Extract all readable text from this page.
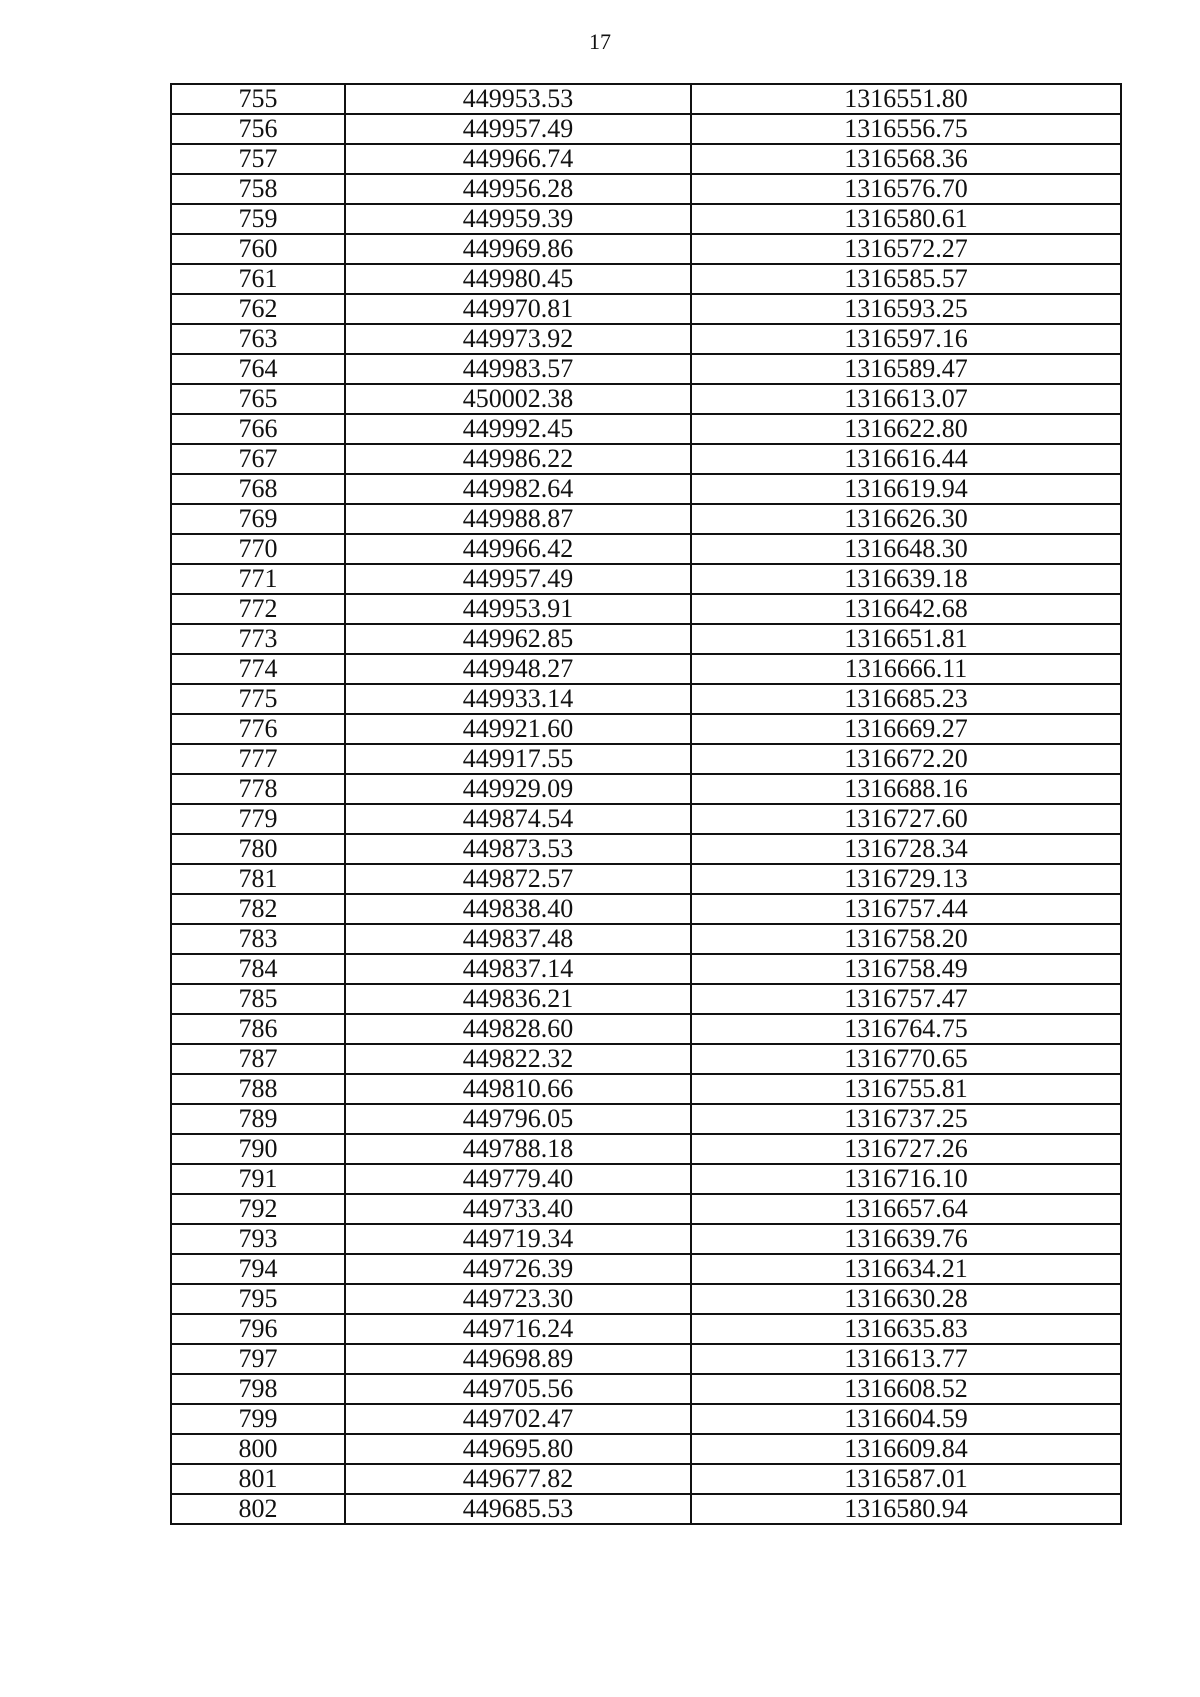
17
755	449953.53	1316551.80
756	449957.49	1316556.75
757	449966.74	1316568.36
758	449956.28	1316576.70
759	449959.39	1316580.61
760	449969.86	1316572.27
761	449980.45	1316585.57
762	449970.81	1316593.25
763	449973.92	1316597.16
764	449983.57	1316589.47
765	450002.38	1316613.07
766	449992.45	1316622.80
767	449986.22	1316616.44
768	449982.64	1316619.94
769	449988.87	1316626.30
770	449966.42	1316648.30
771	449957.49	1316639.18
772	449953.91	1316642.68
773	449962.85	1316651.81
774	449948.27	1316666.11
775	449933.14	1316685.23
776	449921.60	1316669.27
777	449917.55	1316672.20
778	449929.09	1316688.16
779	449874.54	1316727.60
780	449873.53	1316728.34
781	449872.57	1316729.13
782	449838.40	1316757.44
783	449837.48	1316758.20
784	449837.14	1316758.49
785	449836.21	1316757.47
786	449828.60	1316764.75
787	449822.32	1316770.65
788	449810.66	1316755.81
789	449796.05	1316737.25
790	449788.18	1316727.26
791	449779.40	1316716.10
792	449733.40	1316657.64
793	449719.34	1316639.76
794	449726.39	1316634.21
795	449723.30	1316630.28
796	449716.24	1316635.83
797	449698.89	1316613.77
798	449705.56	1316608.52
799	449702.47	1316604.59
800	449695.80	1316609.84
801	449677.82	1316587.01
802	449685.53	1316580.94
